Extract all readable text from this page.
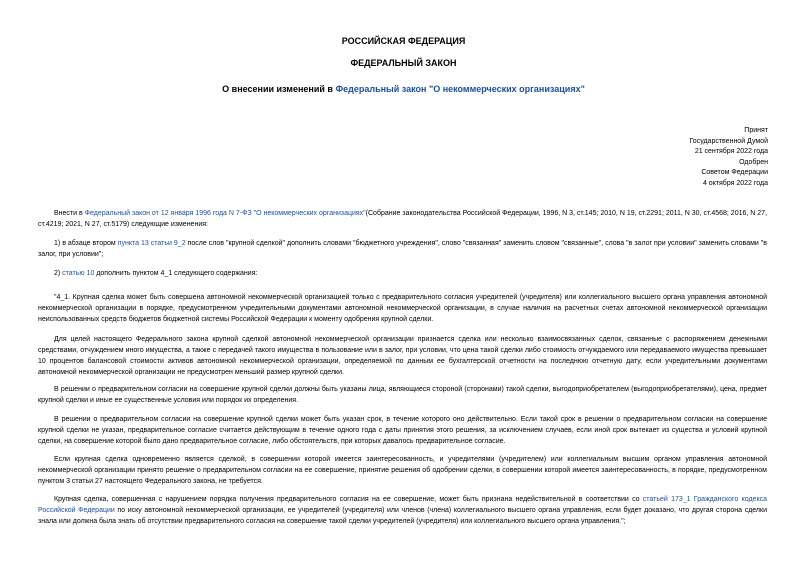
РОССИЙСКАЯ ФЕДЕРАЦИЯ
ФЕДЕРАЛЬНЫЙ ЗАКОН
О внесении изменений в Федеральный закон "О некоммерческих организациях"
Принят
Государственной Думой
21 сентября 2022 года
Одобрен
Советом Федерации
4 октября 2022 года
Внести в Федеральный закон от 12 января 1996 года N 7-ФЗ "О некоммерческих организациях"(Собрание законодательства Российской Федерации, 1996, N 3, ст.145; 2010, N 19, ст.2291; 2011, N 30, ст.4568; 2016, N 27, ст.4219; 2021, N 27, ст.5179) следующие изменения:
1) в абзаце втором пункта 13 статьи 9_2 после слов "крупной сделкой" дополнить словами "бюджетного учреждения", слово "связанная" заменить словом "связанные", слова "в залог при условии" заменить словами "в залог, при условии";
2) статью 10 дополнить пунктом 4_1 следующего содержания:
"4_1. Крупная сделка может быть совершена автономной некоммерческой организацией только с предварительного согласия учредителей (учредителя) или коллегиального высшего органа управления автономной некоммерческой организации в порядке, предусмотренном учредительными документами автономной некоммерческой организации, в случае наличия на расчетных счетах автономной некоммерческой организации неиспользованных средств бюджетов бюджетной системы Российской Федерации к моменту одобрения крупной сделки.
Для целей настоящего Федерального закона крупной сделкой автономной некоммерческой организации признается сделка или несколько взаимосвязанных сделок, связанные с распоряжением денежными средствами, отчуждением иного имущества, а также с передачей такого имущества в пользование или в залог, при условии, что цена такой сделки либо стоимость отчуждаемого или передаваемого имущества превышает 10 процентов балансовой стоимости активов автономной некоммерческой организации, определяемой по данным ее бухгалтерской отчетности на последнюю отчетную дату, если учредительными документами автономной некоммерческой организации не предусмотрен меньший размер крупной сделки.
В решении о предварительном согласии на совершение крупной сделки должны быть указаны лица, являющиеся стороной (сторонами) такой сделки, выгодоприобретателем (выгодоприобретателями), цена, предмет крупной сделки и иные ее существенные условия или порядок их определения.
В решении о предварительном согласии на совершение крупной сделки может быть указан срок, в течение которого оно действительно. Если такой срок в решении о предварительном согласии на совершение крупной сделки не указан, предварительное согласие считается действующим в течение одного года с даты принятия этого решения, за исключением случаев, если иной срок вытекает из существа и условий крупной сделки, на совершение которой было дано предварительное согласие, либо обстоятельств, при которых давалось предварительное согласие.
Если крупная сделка одновременно является сделкой, в совершении которой имеется заинтересованность, и учредителями (учредителем) или коллегиальным высшим органом управления автономной некоммерческой организации принято решение о предварительном согласии на ее совершение, принятие решения об одобрении сделки, в совершении которой имеется заинтересованность, в порядке, предусмотренном пунктом 3 статьи 27 настоящего Федерального закона, не требуется.
Крупная сделка, совершенная с нарушением порядка получения предварительного согласия на ее совершение, может быть признана недействительной в соответствии со статьей 173_1 Гражданского кодекса Российской Федерации по иску автономной некоммерческой организации, ее учредителей (учредителя) или членов (члена) коллегиального высшего органа управления, если будет доказано, что другая сторона сделки знала или должна была знать об отсутствии предварительного согласия на совершение такой сделки учредителей (учредителя) или коллегиального высшего органа управления.";
